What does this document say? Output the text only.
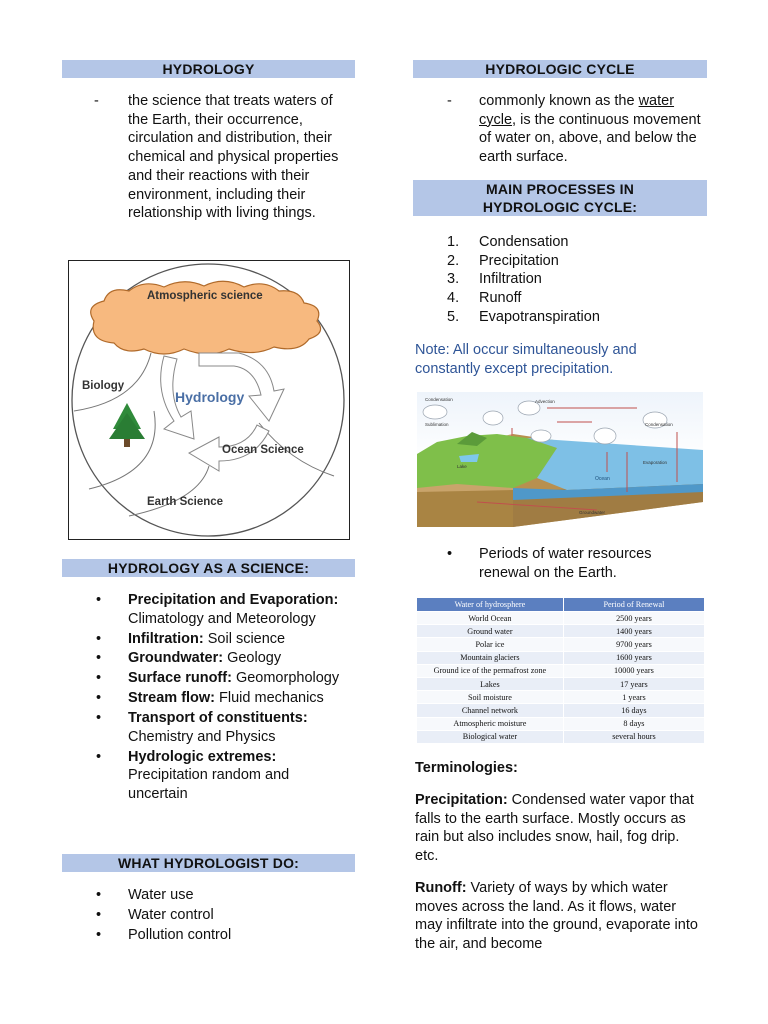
HYDROLOGY
- the science that treats waters of the Earth, their occurrence, circulation and distribution, their chemical and physical properties and their reactions with their environment, including their relationship with living things.
Atmospheric science
Biology
Hydrology
Ocean Science
Earth Science
HYDROLOGY AS A SCIENCE:
• Precipitation and Evaporation: Climatology and Meteorology
• Infiltration: Soil science
• Groundwater: Geology
• Surface runoff: Geomorphology
• Stream flow: Fluid mechanics
• Transport of constituents: Chemistry and Physics
• Hydrologic extremes: Precipitation random and uncertain
WHAT HYDROLOGIST DO:
• Water use
• Water control
• Pollution control
HYDROLOGIC CYCLE
- commonly known as the water cycle, is the continuous movement of water on, above, and below the earth surface.
MAIN PROCESSES IN HYDROLOGIC CYCLE:
1. Condensation
2. Precipitation
3. Infiltration
4. Runoff
5. Evapotranspiration
Note: All occur simultaneously and constantly except precipitation.
Condensation
Sublimation
Advection
Condensation
Evaporation
Ocean
Groundwater
Lake
• Periods of water resources renewal on the Earth.
Water of hydrosphere	Period of Renewal
World Ocean	2500 years
Ground water	1400 years
Polar ice	9700 years
Mountain glaciers	1600 years
Ground ice of the permafrost zone	10000 years
Lakes	17 years
Soil moisture	1 years
Channel network	16 days
Atmospheric moisture	8 days
Biological water	several hours
Terminologies:
Precipitation: Condensed water vapor that falls to the earth surface. Mostly occurs as rain but also includes snow, hail, fog drip. etc.
Runoff: Variety of ways by which water moves across the land. As it flows, water may infiltrate into the ground, evaporate into the air, and become
